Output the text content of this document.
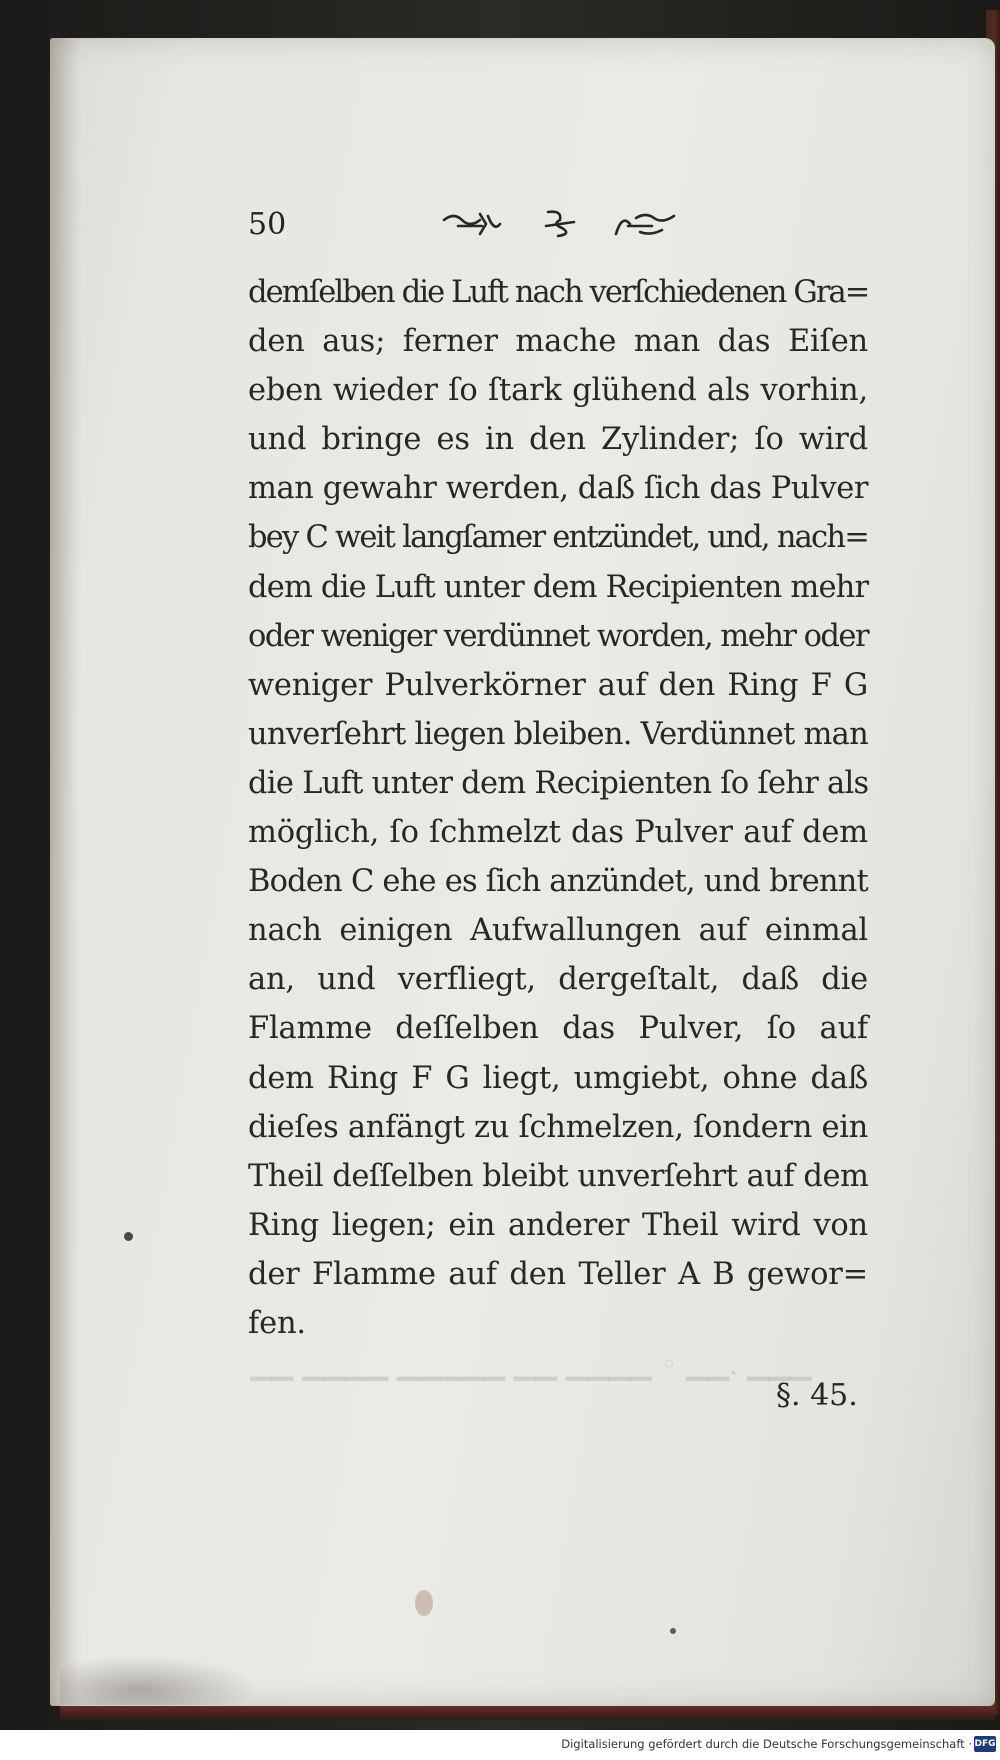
▁▁ ▁▁▁▁ ▁▁▁▁▁ ▁▁ ▁▁▁▁ ◦ ▁▁. ▁▁▁
50
demſelben die Luft nach verſchiedenen Gra=
den aus; ferner mache man das Eiſen
eben wieder ſo ſtark glühend als vorhin,
und bringe es in den Zylinder; ſo wird
man gewahr werden, daß ſich das Pulver
bey C weit langſamer entzündet, und, nach=
dem die Luft unter dem Recipienten mehr
oder weniger verdünnet worden, mehr oder
weniger Pulverkörner auf den Ring F G
unverſehrt liegen bleiben. Verdünnet man
die Luft unter dem Recipienten ſo ſehr als
möglich, ſo ſchmelzt das Pulver auf dem
Boden C ehe es ſich anzündet, und brennt
nach einigen Aufwallungen auf einmal
an, und verfliegt, dergeſtalt, daß die
Flamme deſſelben das Pulver, ſo auf
dem Ring F G liegt, umgiebt, ohne daß
dieſes anfängt zu ſchmelzen, ſondern ein
Theil deſſelben bleibt unverſehrt auf dem
Ring liegen; ein anderer Theil wird von
der Flamme auf den Teller A B gewor=
fen.
§. 45.
Digitalisierung gefördert durch die Deutsche Forschungsgemeinschaft · DFG
